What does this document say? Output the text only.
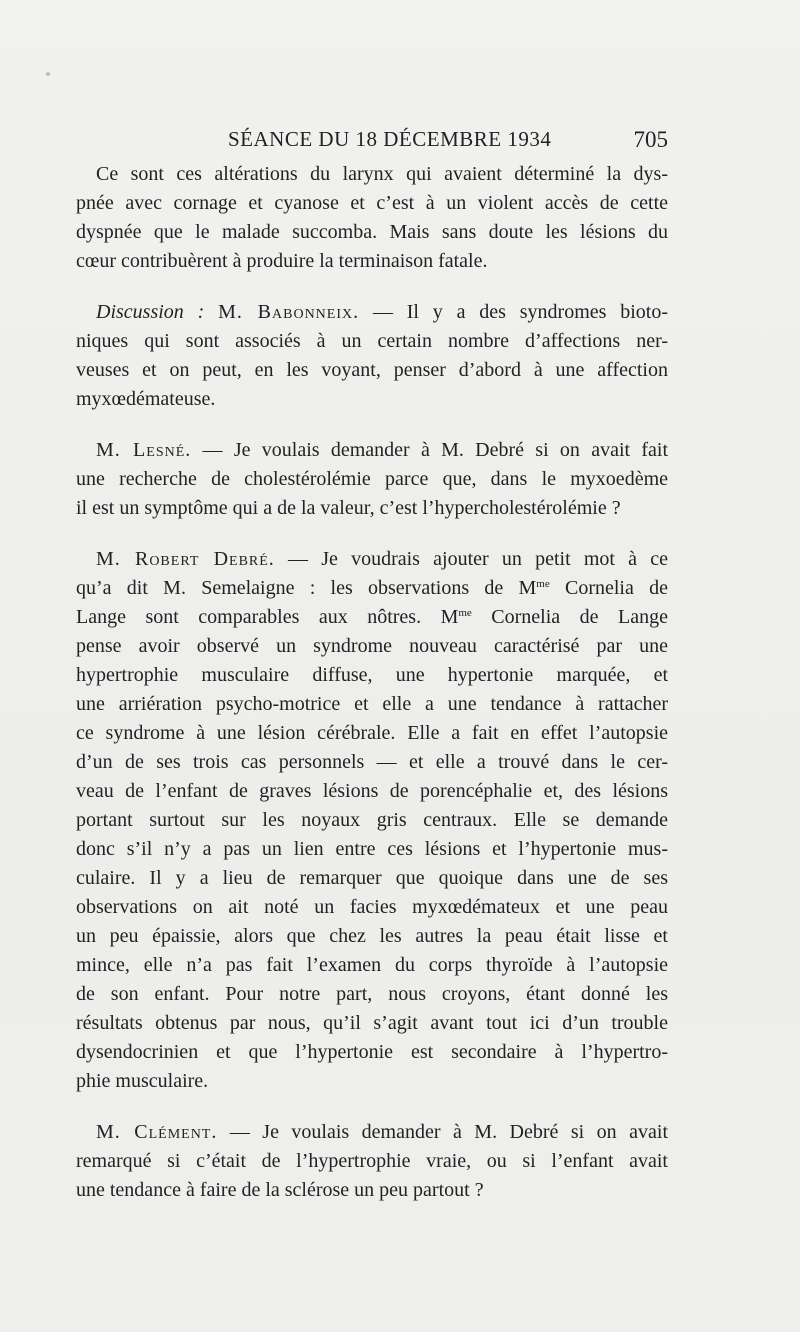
SÉANCE DU 18 DÉCEMBRE 1934	705
Ce sont ces altérations du larynx qui avaient déterminé la dys-
pnée avec cornage et cyanose et c’est à un violent accès de cette
dyspnée que le malade succomba. Mais sans doute les lésions du
cœur contribuèrent à produire la terminaison fatale.
Discussion : M. Babonneix. — Il y a des syndromes bioto-
niques qui sont associés à un certain nombre d’affections ner-
veuses et on peut, en les voyant, penser d’abord à une affection
myxœdémateuse.
M. Lesné. — Je voulais demander à M. Debré si on avait fait
une recherche de cholestérolémie parce que, dans le myxoedème
il est un symptôme qui a de la valeur, c’est l’hypercholestérolémie ?
M. Robert Debré. — Je voudrais ajouter un petit mot à ce
qu’a dit M. Semelaigne : les observations de $M^{me}$ Cornelia de
Lange sont comparables aux nôtres. $M^{me}$ Cornelia de Lange
pense avoir observé un syndrome nouveau caractérisé par une
hypertrophie musculaire diffuse, une hypertonie marquée, et
une arriération psycho-motrice et elle a une tendance à rattacher
ce syndrome à une lésion cérébrale. Elle a fait en effet l’autopsie
d’un de ses trois cas personnels — et elle a trouvé dans le cer-
veau de l’enfant de graves lésions de porencéphalie et, des lésions
portant surtout sur les noyaux gris centraux. Elle se demande
donc s’il n’y a pas un lien entre ces lésions et l’hypertonie mus-
culaire. Il y a lieu de remarquer que quoique dans une de ses
observations on ait noté un facies myxœdémateux et une peau
un peu épaissie, alors que chez les autres la peau était lisse et
mince, elle n’a pas fait l’examen du corps thyroïde à l’autopsie
de son enfant. Pour notre part, nous croyons, étant donné les
résultats obtenus par nous, qu’il s’agit avant tout ici d’un trouble
dysendocrinien et que l’hypertonie est secondaire à l’hypertro-
phie musculaire.
M. Clément. — Je voulais demander à M. Debré si on avait
remarqué si c’était de l’hypertrophie vraie, ou si l’enfant avait
une tendance à faire de la sclérose un peu partout ?
